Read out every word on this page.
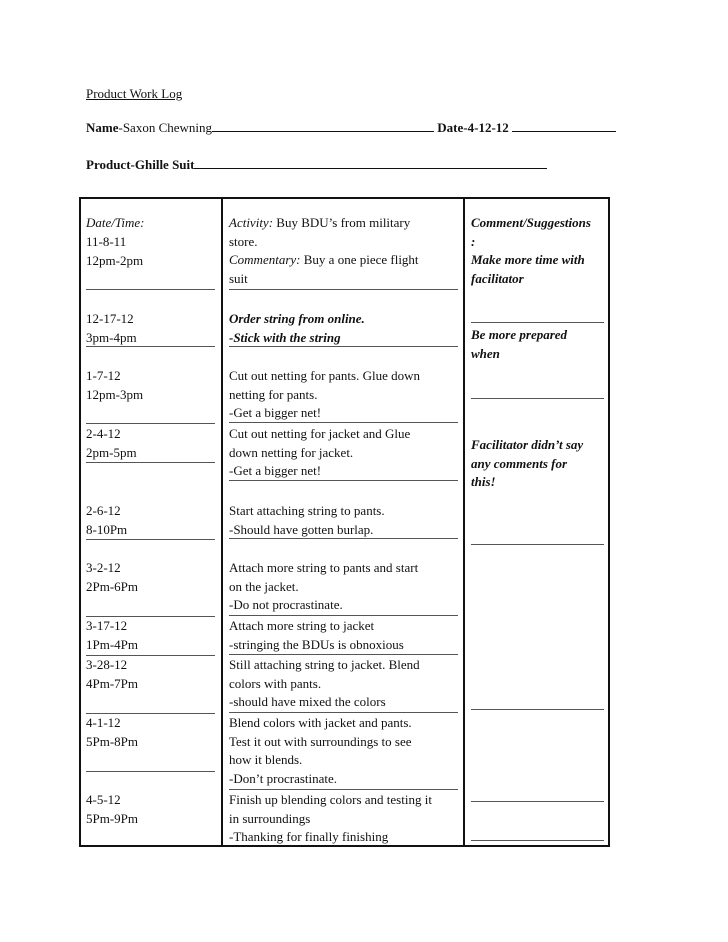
Product Work Log
Name-Saxon Chewning	Date-4-12-12
Product-Ghille Suit
Date/Time:
11-8-11
12pm-2pm
12-17-12
3pm-4pm
1-7-12
12pm-3pm
2-4-12
2pm-5pm
2-6-12
8-10Pm
3-2-12
2Pm-6Pm
3-17-12
1Pm-4Pm
3-28-12
4Pm-7Pm
4-1-12
5Pm-8Pm
4-5-12
5Pm-9Pm
Activity: Buy BDU’s from military
store.
Commentary: Buy a one piece flight
suit
Order string from online.
-Stick with the string
Cut out netting for pants. Glue down
netting for pants.
-Get a bigger net!
Cut out netting for jacket and Glue
down netting for jacket.
-Get a bigger net!
Start attaching string to pants.
-Should have gotten burlap.
Attach more string to pants and start
on the jacket.
-Do not procrastinate.
Attach more string to jacket
-stringing the BDUs is obnoxious
Still attaching string to jacket. Blend
colors with pants.
-should have mixed the colors
Blend colors with jacket and pants.
Test it out with surroundings to see
how it blends.
-Don’t procrastinate.
Finish up blending colors and testing it
in surroundings
-Thanking for finally finishing
Comment/Suggestions
:
Make more time with
facilitator
Be more prepared
when
Facilitator didn’t say
any comments for
this!
